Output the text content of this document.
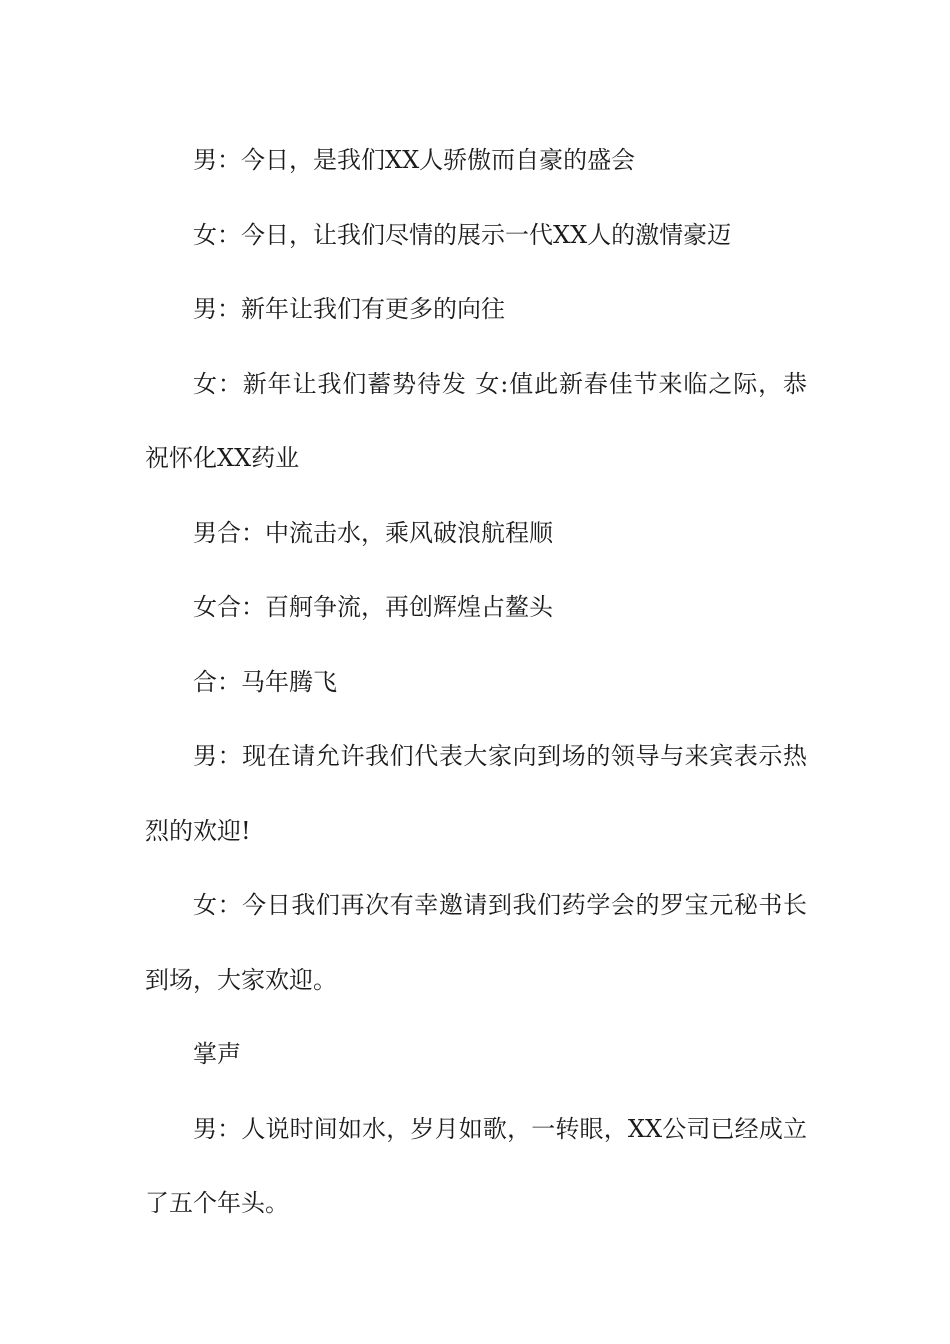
男：今日，是我们XX人骄傲而自豪的盛会

女：今日，让我们尽情的展示一代XX人的激情豪迈

男：新年让我们有更多的向往

女：新年让我们蓄势待发 女:值此新春佳节来临之际，恭祝怀化XX药业

男合：中流击水，乘风破浪航程顺

女合：百舸争流，再创辉煌占鳌头

合：马年腾飞

男：现在请允许我们代表大家向到场的领导与来宾表示热烈的欢迎!

女：今日我们再次有幸邀请到我们药学会的罗宝元秘书长到场，大家欢迎。

掌声

男：人说时间如水，岁月如歌，一转眼，XX公司已经成立了五个年头。
